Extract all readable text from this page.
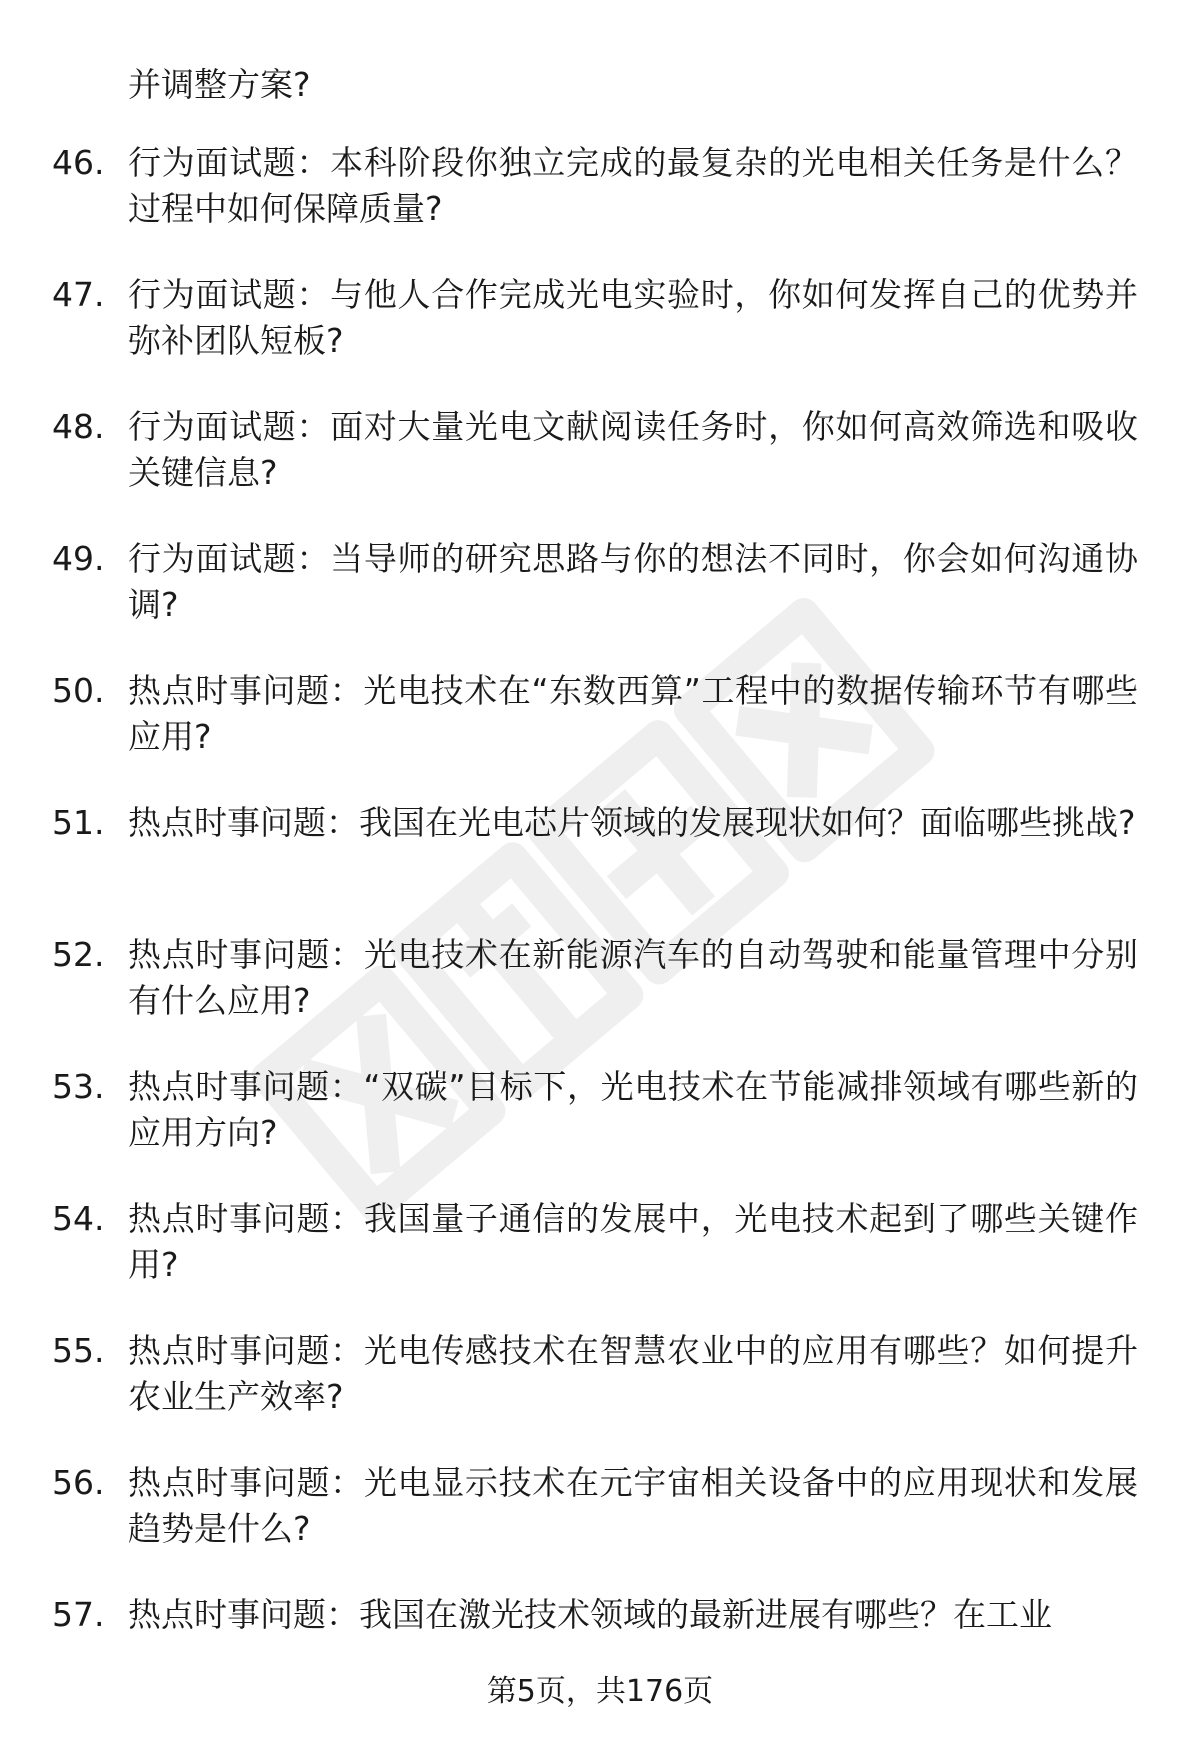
并调整方案?
46. 行为面试题：本科阶段你独立完成的最复杂的光电相关任务是什么？过程中如何保障质量?
47. 行为面试题：与他人合作完成光电实验时，你如何发挥自己的优势并弥补团队短板?
48. 行为面试题：面对大量光电文献阅读任务时，你如何高效筛选和吸收关键信息?
49. 行为面试题：当导师的研究思路与你的想法不同时，你会如何沟通协调?
50. 热点时事问题：光电技术在“东数西算”工程中的数据传输环节有哪些应用?
51. 热点时事问题：我国在光电芯片领域的发展现状如何？面临哪些挑战?
52. 热点时事问题：光电技术在新能源汽车的自动驾驶和能量管理中分别有什么应用?
53. 热点时事问题：“双碳”目标下，光电技术在节能减排领域有哪些新的应用方向?
54. 热点时事问题：我国量子通信的发展中，光电技术起到了哪些关键作用?
55. 热点时事问题：光电传感技术在智慧农业中的应用有哪些？如何提升农业生产效率?
56. 热点时事问题：光电显示技术在元宇宙相关设备中的应用现状和发展趋势是什么?
57. 热点时事问题：我国在激光技术领域的最新进展有哪些？在工业
第5页，共176页
